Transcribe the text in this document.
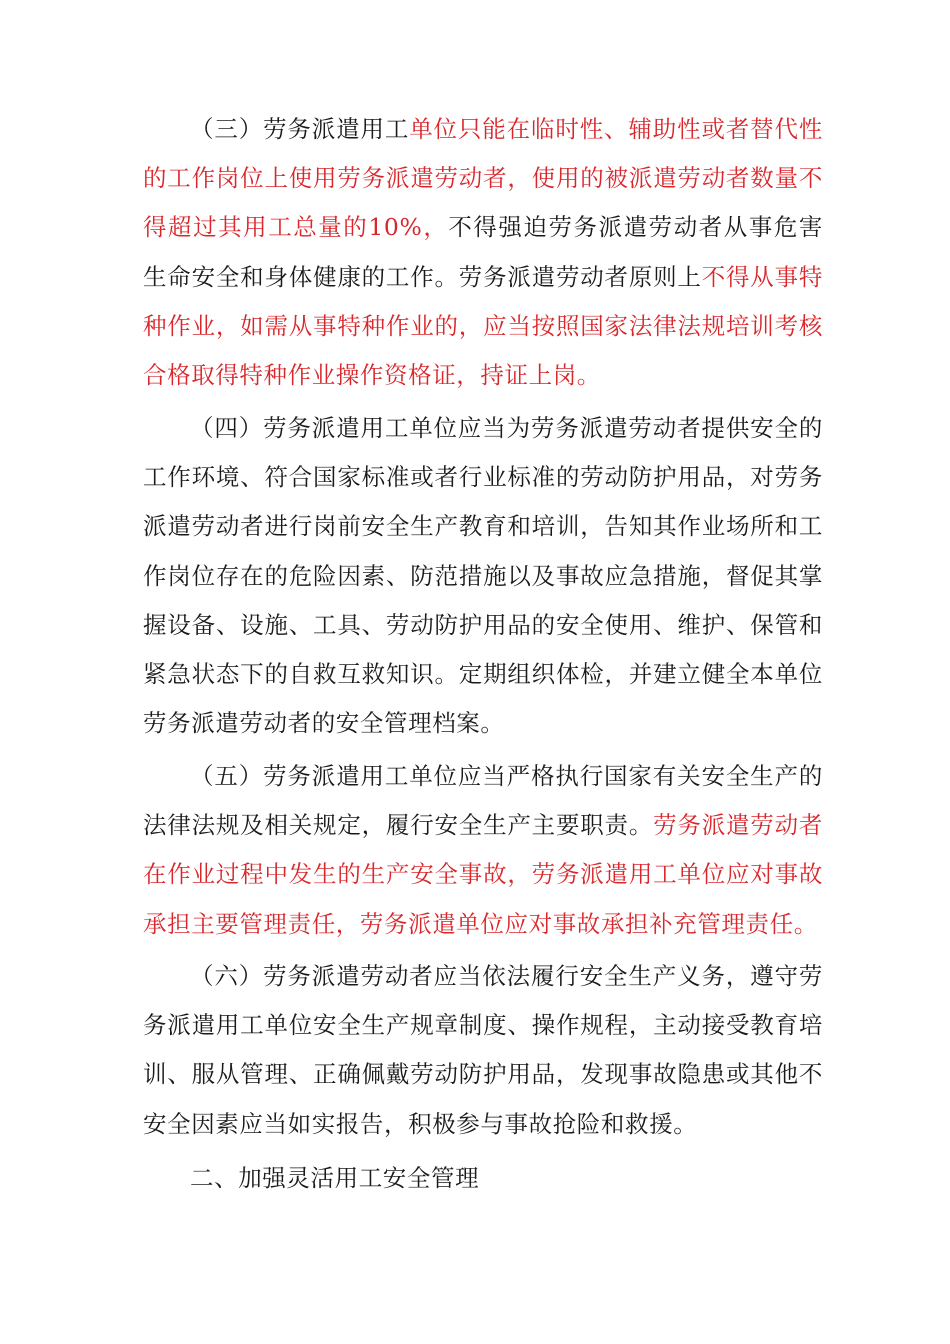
（三）劳务派遣用工单位只能在临时性、辅助性或者替代性的工作岗位上使用劳务派遣劳动者，使用的被派遣劳动者数量不得超过其用工总量的10%，不得强迫劳务派遣劳动者从事危害生命安全和身体健康的工作。劳务派遣劳动者原则上不得从事特种作业，如需从事特种作业的，应当按照国家法律法规培训考核合格取得特种作业操作资格证，持证上岗。

（四）劳务派遣用工单位应当为劳务派遣劳动者提供安全的工作环境、符合国家标准或者行业标准的劳动防护用品，对劳务派遣劳动者进行岗前安全生产教育和培训，告知其作业场所和工作岗位存在的危险因素、防范措施以及事故应急措施，督促其掌握设备、设施、工具、劳动防护用品的安全使用、维护、保管和紧急状态下的自救互救知识。定期组织体检，并建立健全本单位劳务派遣劳动者的安全管理档案。

（五）劳务派遣用工单位应当严格执行国家有关安全生产的法律法规及相关规定，履行安全生产主要职责。劳务派遣劳动者在作业过程中发生的生产安全事故，劳务派遣用工单位应对事故承担主要管理责任，劳务派遣单位应对事故承担补充管理责任。

（六）劳务派遣劳动者应当依法履行安全生产义务，遵守劳务派遣用工单位安全生产规章制度、操作规程，主动接受教育培训、服从管理、正确佩戴劳动防护用品，发现事故隐患或其他不安全因素应当如实报告，积极参与事故抢险和救援。

二、加强灵活用工安全管理
